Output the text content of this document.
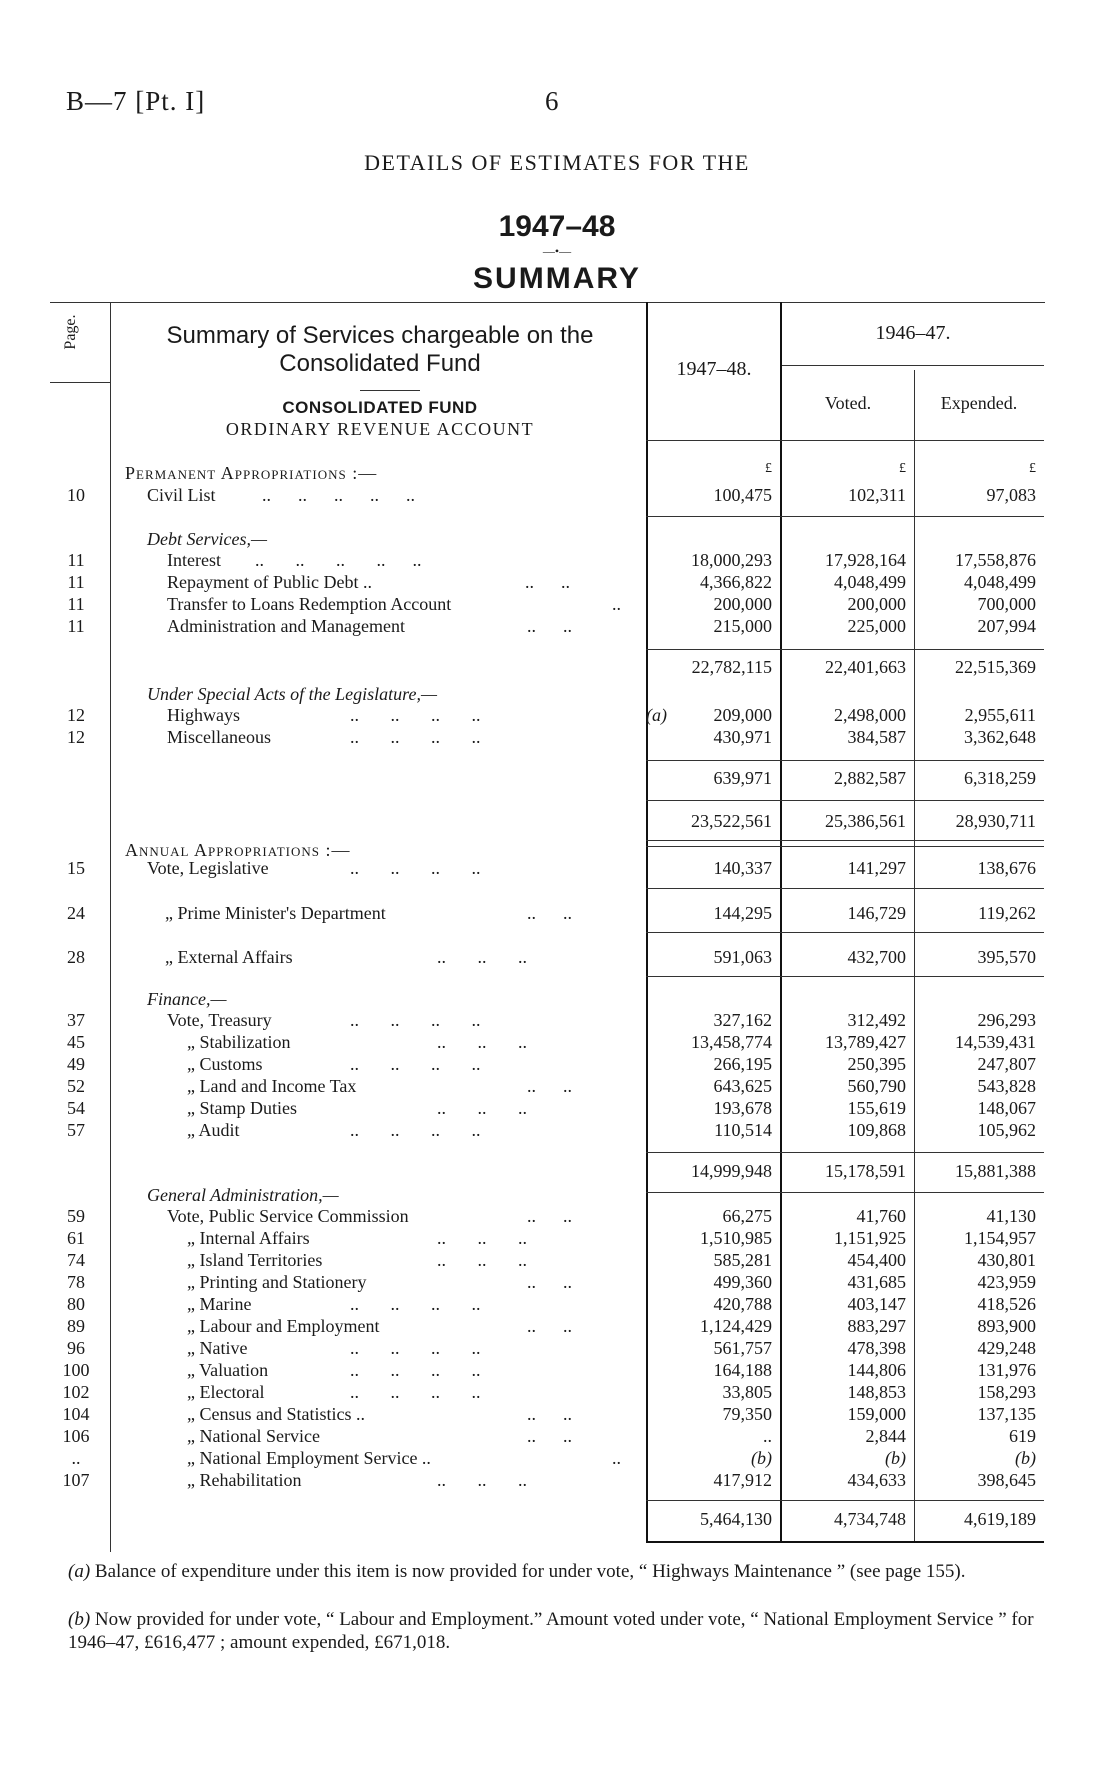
B—7 [Pt. I]	6
DETAILS OF ESTIMATES FOR THE
1947–48
—•—
SUMMARY
Page.	Summary of Services chargeable on the Consolidated Fund
CONSOLIDATED FUND
ORDINARY REVENUE ACCOUNT
1947–48.
1946–47.
Voted.	Expended.
Permanent Appropriations :—	£	£	£
10	Civil List	..      ..      ..      ..      ..	100,475	102,311	97,083
Debt Services,—
11	Interest ..       ..       ..       ..      ..	18,000,293	17,928,164	17,558,876
11	Repayment of Public Debt ..	..      ..	4,366,822	4,048,499	4,048,499
11	Transfer to Loans Redemption Account	..	200,000	200,000	700,000
11	Administration and Management	..      ..	215,000	225,000	207,994
22,782,115	22,401,663	22,515,369
Under Special Acts of the Legislature,—
12	Highways	..       ..       ..       ..	(a)	209,000	2,498,000	2,955,611
12	Miscellaneous	..       ..       ..       ..	430,971	384,587	3,362,648
639,971	2,882,587	6,318,259
23,522,561	25,386,561	28,930,711
Annual Appropriations :—
15	Vote, Legislative	..       ..       ..       ..	140,337	141,297	138,676
24	„ Prime Minister's Department	..      ..	144,295	146,729	119,262
28	„ External Affairs	..       ..       ..	591,063	432,700	395,570
Finance,—
37	Vote, Treasury	..       ..       ..       ..	327,162	312,492	296,293
45	„ Stabilization	..       ..       ..	13,458,774	13,789,427	14,539,431
49	„ Customs	..       ..       ..       ..	266,195	250,395	247,807
52	„ Land and Income Tax	..      ..	643,625	560,790	543,828
54	„ Stamp Duties	..       ..       ..	193,678	155,619	148,067
57	„ Audit	..       ..       ..       ..	110,514	109,868	105,962
14,999,948	15,178,591	15,881,388
General Administration,—
59	Vote, Public Service Commission	..      ..	66,275	41,760	41,130
61	„ Internal Affairs	..       ..       ..	1,510,985	1,151,925	1,154,957
74	„ Island Territories	..       ..       ..	585,281	454,400	430,801
78	„ Printing and Stationery	..      ..	499,360	431,685	423,959
80	„ Marine	..       ..       ..       ..	420,788	403,147	418,526
89	„ Labour and Employment	..      ..	1,124,429	883,297	893,900
96	„ Native	..       ..       ..       ..	561,757	478,398	429,248
100	„ Valuation	..       ..       ..       ..	164,188	144,806	131,976
102	„ Electoral	..       ..       ..       ..	33,805	148,853	158,293
104	„ Census and Statistics ..	..      ..	79,350	159,000	137,135
106	„ National Service	..      ..	..	2,844	619
..	„ National Employment Service ..	..	(b)	(b)	(b)
107	„ Rehabilitation	..       ..       ..	417,912	434,633	398,645
5,464,130	4,734,748	4,619,189
(a) Balance of expenditure under this item is now provided for under vote, “ Highways Maintenance ” (see page 155).
(b) Now provided for under vote, “ Labour and Employment.” Amount voted under vote, “ National Employment Service ” for 1946–47, £616,477 ; amount expended, £671,018.
